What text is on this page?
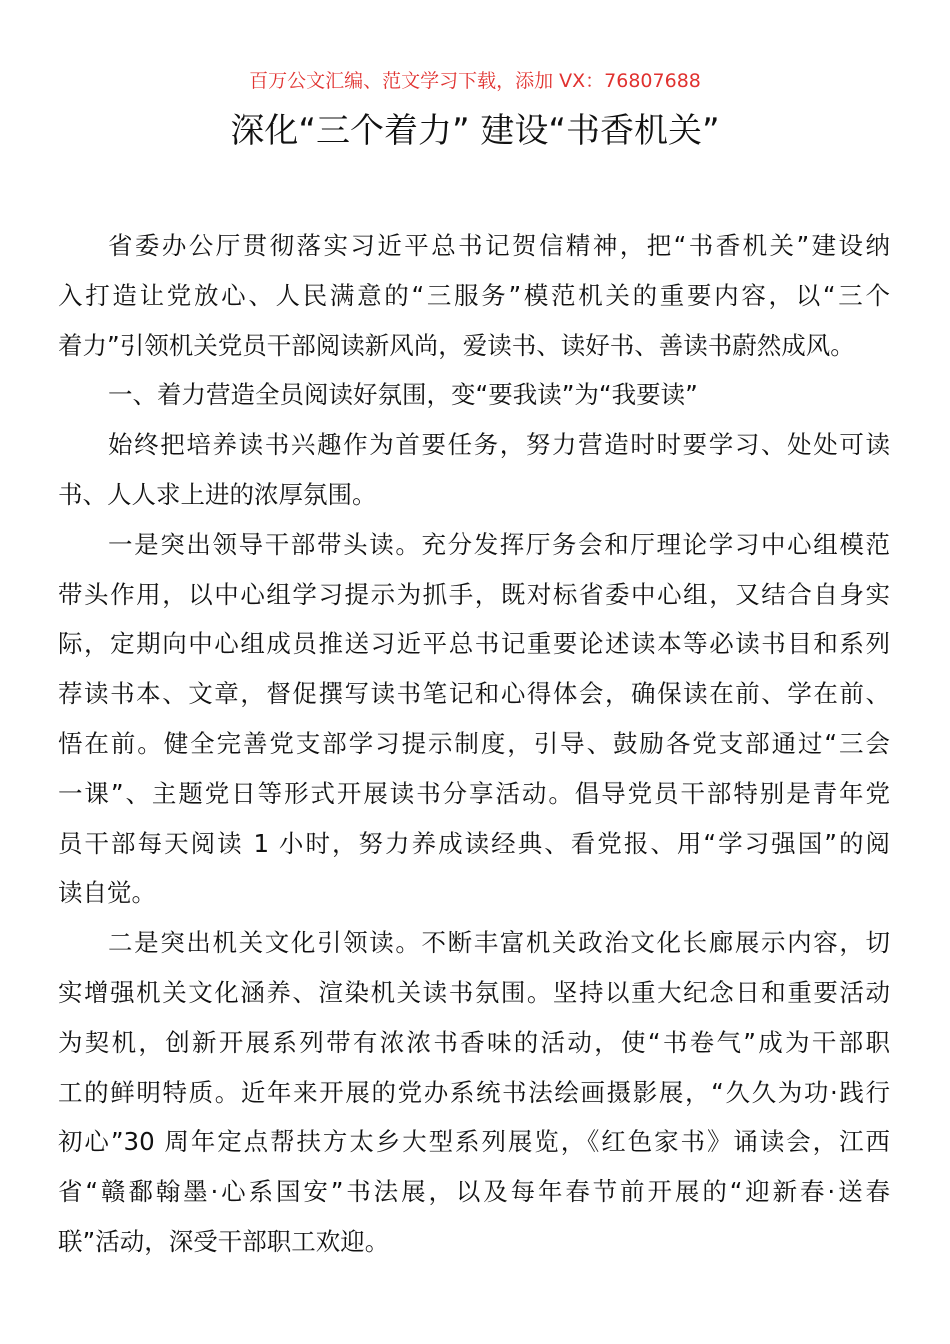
百万公文汇编、范文学习下载，添加 VX：76807688
深化“三个着力” 建设“书香机关”
省委办公厅贯彻落实习近平总书记贺信精神，把“书香机关”建设纳
入打造让党放心、人民满意的“三服务”模范机关的重要内容，以“三个
着力”引领机关党员干部阅读新风尚，爱读书、读好书、善读书蔚然成风。
一、着力营造全员阅读好氛围，变“要我读”为“我要读”
始终把培养读书兴趣作为首要任务，努力营造时时要学习、处处可读
书、人人求上进的浓厚氛围。
一是突出领导干部带头读。充分发挥厅务会和厅理论学习中心组模范
带头作用，以中心组学习提示为抓手，既对标省委中心组，又结合自身实
际，定期向中心组成员推送习近平总书记重要论述读本等必读书目和系列
荐读书本、文章，督促撰写读书笔记和心得体会，确保读在前、学在前、
悟在前。健全完善党支部学习提示制度，引导、鼓励各党支部通过“三会
一课”、主题党日等形式开展读书分享活动。倡导党员干部特别是青年党
员干部每天阅读 1 小时，努力养成读经典、看党报、用“学习强国”的阅
读自觉。
二是突出机关文化引领读。不断丰富机关政治文化长廊展示内容，切
实增强机关文化涵养、渲染机关读书氛围。坚持以重大纪念日和重要活动
为契机，创新开展系列带有浓浓书香味的活动，使“书卷气”成为干部职
工的鲜明特质。近年来开展的党办系统书法绘画摄影展，“久久为功·践行
初心”30 周年定点帮扶方太乡大型系列展览，《红色家书》诵读会，江西
省“赣鄱翰墨·心系国安”书法展，以及每年春节前开展的“迎新春·送春
联”活动，深受干部职工欢迎。
